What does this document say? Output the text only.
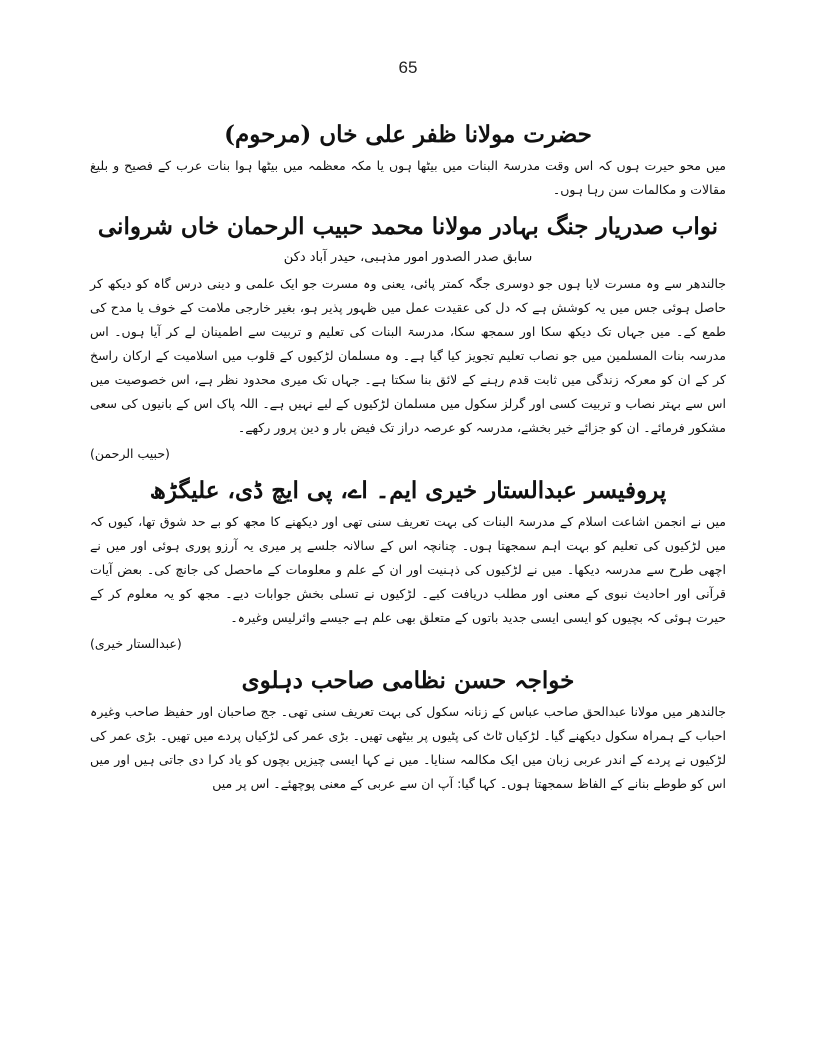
65
حضرت مولانا ظفر علی خاں (مرحوم)

میں محو حیرت ہوں کہ اس وقت مدرسۃ البنات میں بیٹھا ہوں یا مکہ معظمہ میں بیٹھا ہوا بنات عرب کے فصیح و بلیغ مقالات و مکالمات سن رہا ہوں۔

نواب صدریار جنگ بہادر مولانا محمد حبیب الرحمان خاں شروانی

سابق صدر الصدور امور مذہبی، حیدر آباد دکن

جالندھر سے وہ مسرت لایا ہوں جو دوسری جگہ کمتر پائی، یعنی وہ مسرت جو ایک علمی و دینی درس گاہ کو دیکھ کر حاصل ہوئی جس میں یہ کوشش ہے کہ دل کی عقیدت عمل میں ظہور پذیر ہو، بغیر خارجی ملامت کے خوف یا مدح کی طمع کے۔ میں جہاں تک دیکھ سکا اور سمجھ سکا، مدرسۃ البنات کی تعلیم و تربیت سے اطمینان لے کر آیا ہوں۔ اس مدرسہ بنات المسلمین میں جو نصاب تعلیم تجویز کیا گیا ہے۔ وہ مسلمان لڑکیوں کے قلوب میں اسلامیت کے ارکان راسخ کر کے ان کو معرکہ زندگی میں ثابت قدم رہنے کے لائق بنا سکتا ہے۔ جہاں تک میری محدود نظر ہے، اس خصوصیت میں اس سے بہتر نصاب و تربیت کسی اور گرلز سکول میں مسلمان لڑکیوں کے لیے نہیں ہے۔ اللہ پاک اس کے بانیوں کی سعی مشکور فرمائے۔ ان کو جزائے خیر بخشے، مدرسہ کو عرصہ دراز تک فیض بار و دین پرور رکھے۔

(حبیب الرحمن)

پروفیسر عبدالستار خیری ایم۔ اے، پی ایچ ڈی، علیگڑھ

میں نے انجمن اشاعت اسلام کے مدرسۃ البنات کی بہت تعریف سنی تھی اور دیکھنے کا مجھ کو بے حد شوق تھا، کیوں کہ میں لڑکیوں کی تعلیم کو بہت اہم سمجھتا ہوں۔ چنانچہ اس کے سالانہ جلسے پر میری یہ آرزو پوری ہوئی اور میں نے اچھی طرح سے مدرسہ دیکھا۔ میں نے لڑکیوں کی ذہنیت اور ان کے علم و معلومات کے ماحصل کی جانچ کی۔ بعض آیات قرآنی اور احادیث نبوی کے معنی اور مطلب دریافت کیے۔ لڑکیوں نے تسلی بخش جوابات دیے۔ مجھ کو یہ معلوم کر کے حیرت ہوئی کہ بچیوں کو ایسی ایسی جدید باتوں کے متعلق بھی علم ہے جیسے وائرلیس وغیرہ۔

(عبدالستار خیری)

خواجہ حسن نظامی صاحب دہلوی

جالندھر میں مولانا عبدالحق صاحب عباس کے زنانہ سکول کی بہت تعریف سنی تھی۔ جج صاحبان اور حفیظ صاحب وغیرہ احباب کے ہمراہ سکول دیکھنے گیا۔ لڑکیاں ٹاٹ کی پٹیوں پر بیٹھی تھیں۔ بڑی عمر کی لڑکیاں پردے میں تھیں۔ بڑی عمر کی لڑکیوں نے پردے کے اندر عربی زبان میں ایک مکالمہ سنایا۔ میں نے کہا ایسی چیزیں بچوں کو یاد کرا دی جاتی ہیں اور میں اس کو طوطے بنانے کے الفاظ سمجھتا ہوں۔ کہا گیا: آپ ان سے عربی کے معنی پوچھئے۔ اس پر میں
